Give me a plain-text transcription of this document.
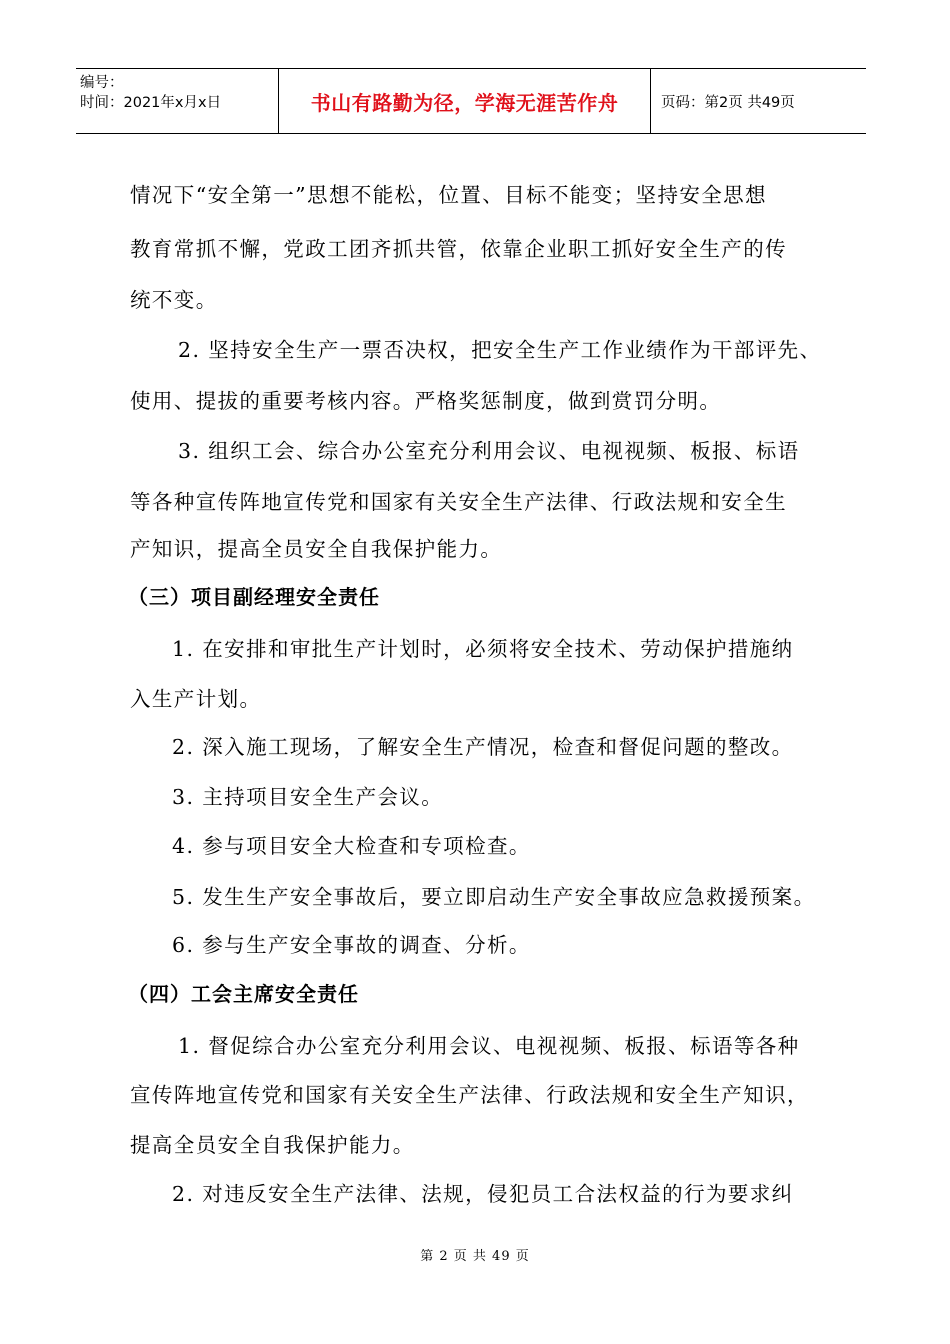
编号：
时间：2021年x月x日	书山有路勤为径，学海无涯苦作舟	页码：第2页 共49页
情况下“安全第一”思想不能松，位置、目标不能变；坚持安全思想
教育常抓不懈，党政工团齐抓共管，依靠企业职工抓好安全生产的传
统不变。
2. 坚持安全生产一票否决权，把安全生产工作业绩作为干部评先、
使用、提拔的重要考核内容。严格奖惩制度，做到赏罚分明。
3. 组织工会、综合办公室充分利用会议、电视视频、板报、标语
等各种宣传阵地宣传党和国家有关安全生产法律、行政法规和安全生
产知识，提高全员安全自我保护能力。
（三）项目副经理安全责任
1. 在安排和审批生产计划时，必须将安全技术、劳动保护措施纳
入生产计划。
2. 深入施工现场，了解安全生产情况，检查和督促问题的整改。
3. 主持项目安全生产会议。
4. 参与项目安全大检查和专项检查。
5. 发生生产安全事故后，要立即启动生产安全事故应急救援预案。
6. 参与生产安全事故的调查、分析。
（四）工会主席安全责任
1. 督促综合办公室充分利用会议、电视视频、板报、标语等各种
宣传阵地宣传党和国家有关安全生产法律、行政法规和安全生产知识，
提高全员安全自我保护能力。
2. 对违反安全生产法律、法规，侵犯员工合法权益的行为要求纠
第 2 页 共 49 页
